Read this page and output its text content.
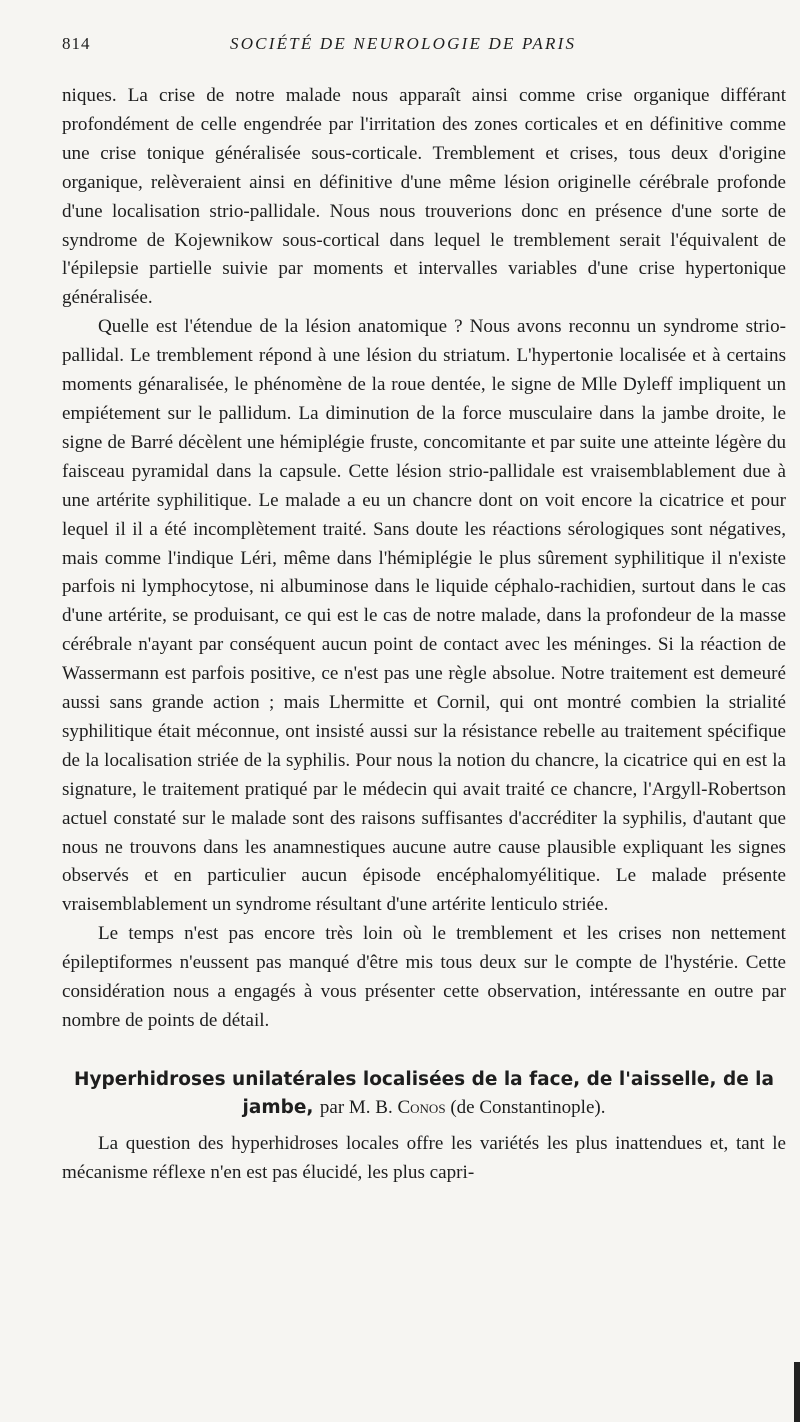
814	SOCIÉTÉ DE NEUROLOGIE DE PARIS

niques. La crise de notre malade nous apparaît ainsi comme crise organique différant profondément de celle engendrée par l'irritation des zones corticales et en définitive comme une crise tonique généralisée sous-corticale. Tremblement et crises, tous deux d'origine organique, relèveraient ainsi en définitive d'une même lésion originelle cérébrale profonde d'une localisation strio-pallidale. Nous nous trouverions donc en présence d'une sorte de syndrome de Kojewnikow sous-cortical dans lequel le tremblement serait l'équivalent de l'épilepsie partielle suivie par moments et intervalles variables d'une crise hypertonique généralisée.

Quelle est l'étendue de la lésion anatomique ? Nous avons reconnu un syndrome strio-pallidal. Le tremblement répond à une lésion du striatum. L'hypertonie localisée et à certains moments génaralisée, le phénomène de la roue dentée, le signe de Mlle Dyleff impliquent un empiétement sur le pallidum. La diminution de la force musculaire dans la jambe droite, le signe de Barré décèlent une hémiplégie fruste, concomitante et par suite une atteinte légère du faisceau pyramidal dans la capsule. Cette lésion strio-pallidale est vraisemblablement due à une artérite syphilitique. Le malade a eu un chancre dont on voit encore la cicatrice et pour lequel il il a été incomplètement traité. Sans doute les réactions sérologiques sont négatives, mais comme l'indique Léri, même dans l'hémiplégie le plus sûrement syphilitique il n'existe parfois ni lymphocytose, ni albuminose dans le liquide céphalo-rachidien, surtout dans le cas d'une artérite, se produisant, ce qui est le cas de notre malade, dans la profondeur de la masse cérébrale n'ayant par conséquent aucun point de contact avec les méninges. Si la réaction de Wassermann est parfois positive, ce n'est pas une règle absolue. Notre traitement est demeuré aussi sans grande action ; mais Lhermitte et Cornil, qui ont montré combien la strialité syphilitique était méconnue, ont insisté aussi sur la résistance rebelle au traitement spécifique de la localisation striée de la syphilis. Pour nous la notion du chancre, la cicatrice qui en est la signature, le traitement pratiqué par le médecin qui avait traité ce chancre, l'Argyll-Robertson actuel constaté sur le malade sont des raisons suffisantes d'accréditer la syphilis, d'autant que nous ne trouvons dans les anamnestiques aucune autre cause plausible expliquant les signes observés et en particulier aucun épisode encéphalomyélitique. Le malade présente vraisemblablement un syndrome résultant d'une artérite lenticulo striée.

Le temps n'est pas encore très loin où le tremblement et les crises non nettement épileptiformes n'eussent pas manqué d'être mis tous deux sur le compte de l'hystérie. Cette considération nous a engagés à vous présenter cette observation, intéressante en outre par nombre de points de détail.

Hyperhidroses unilatérales localisées de la face, de l'aisselle, de la jambe, par M. B. Conos (de Constantinople).

La question des hyperhidroses locales offre les variétés les plus inattendues et, tant le mécanisme réflexe n'en est pas élucidé, les plus capri-
